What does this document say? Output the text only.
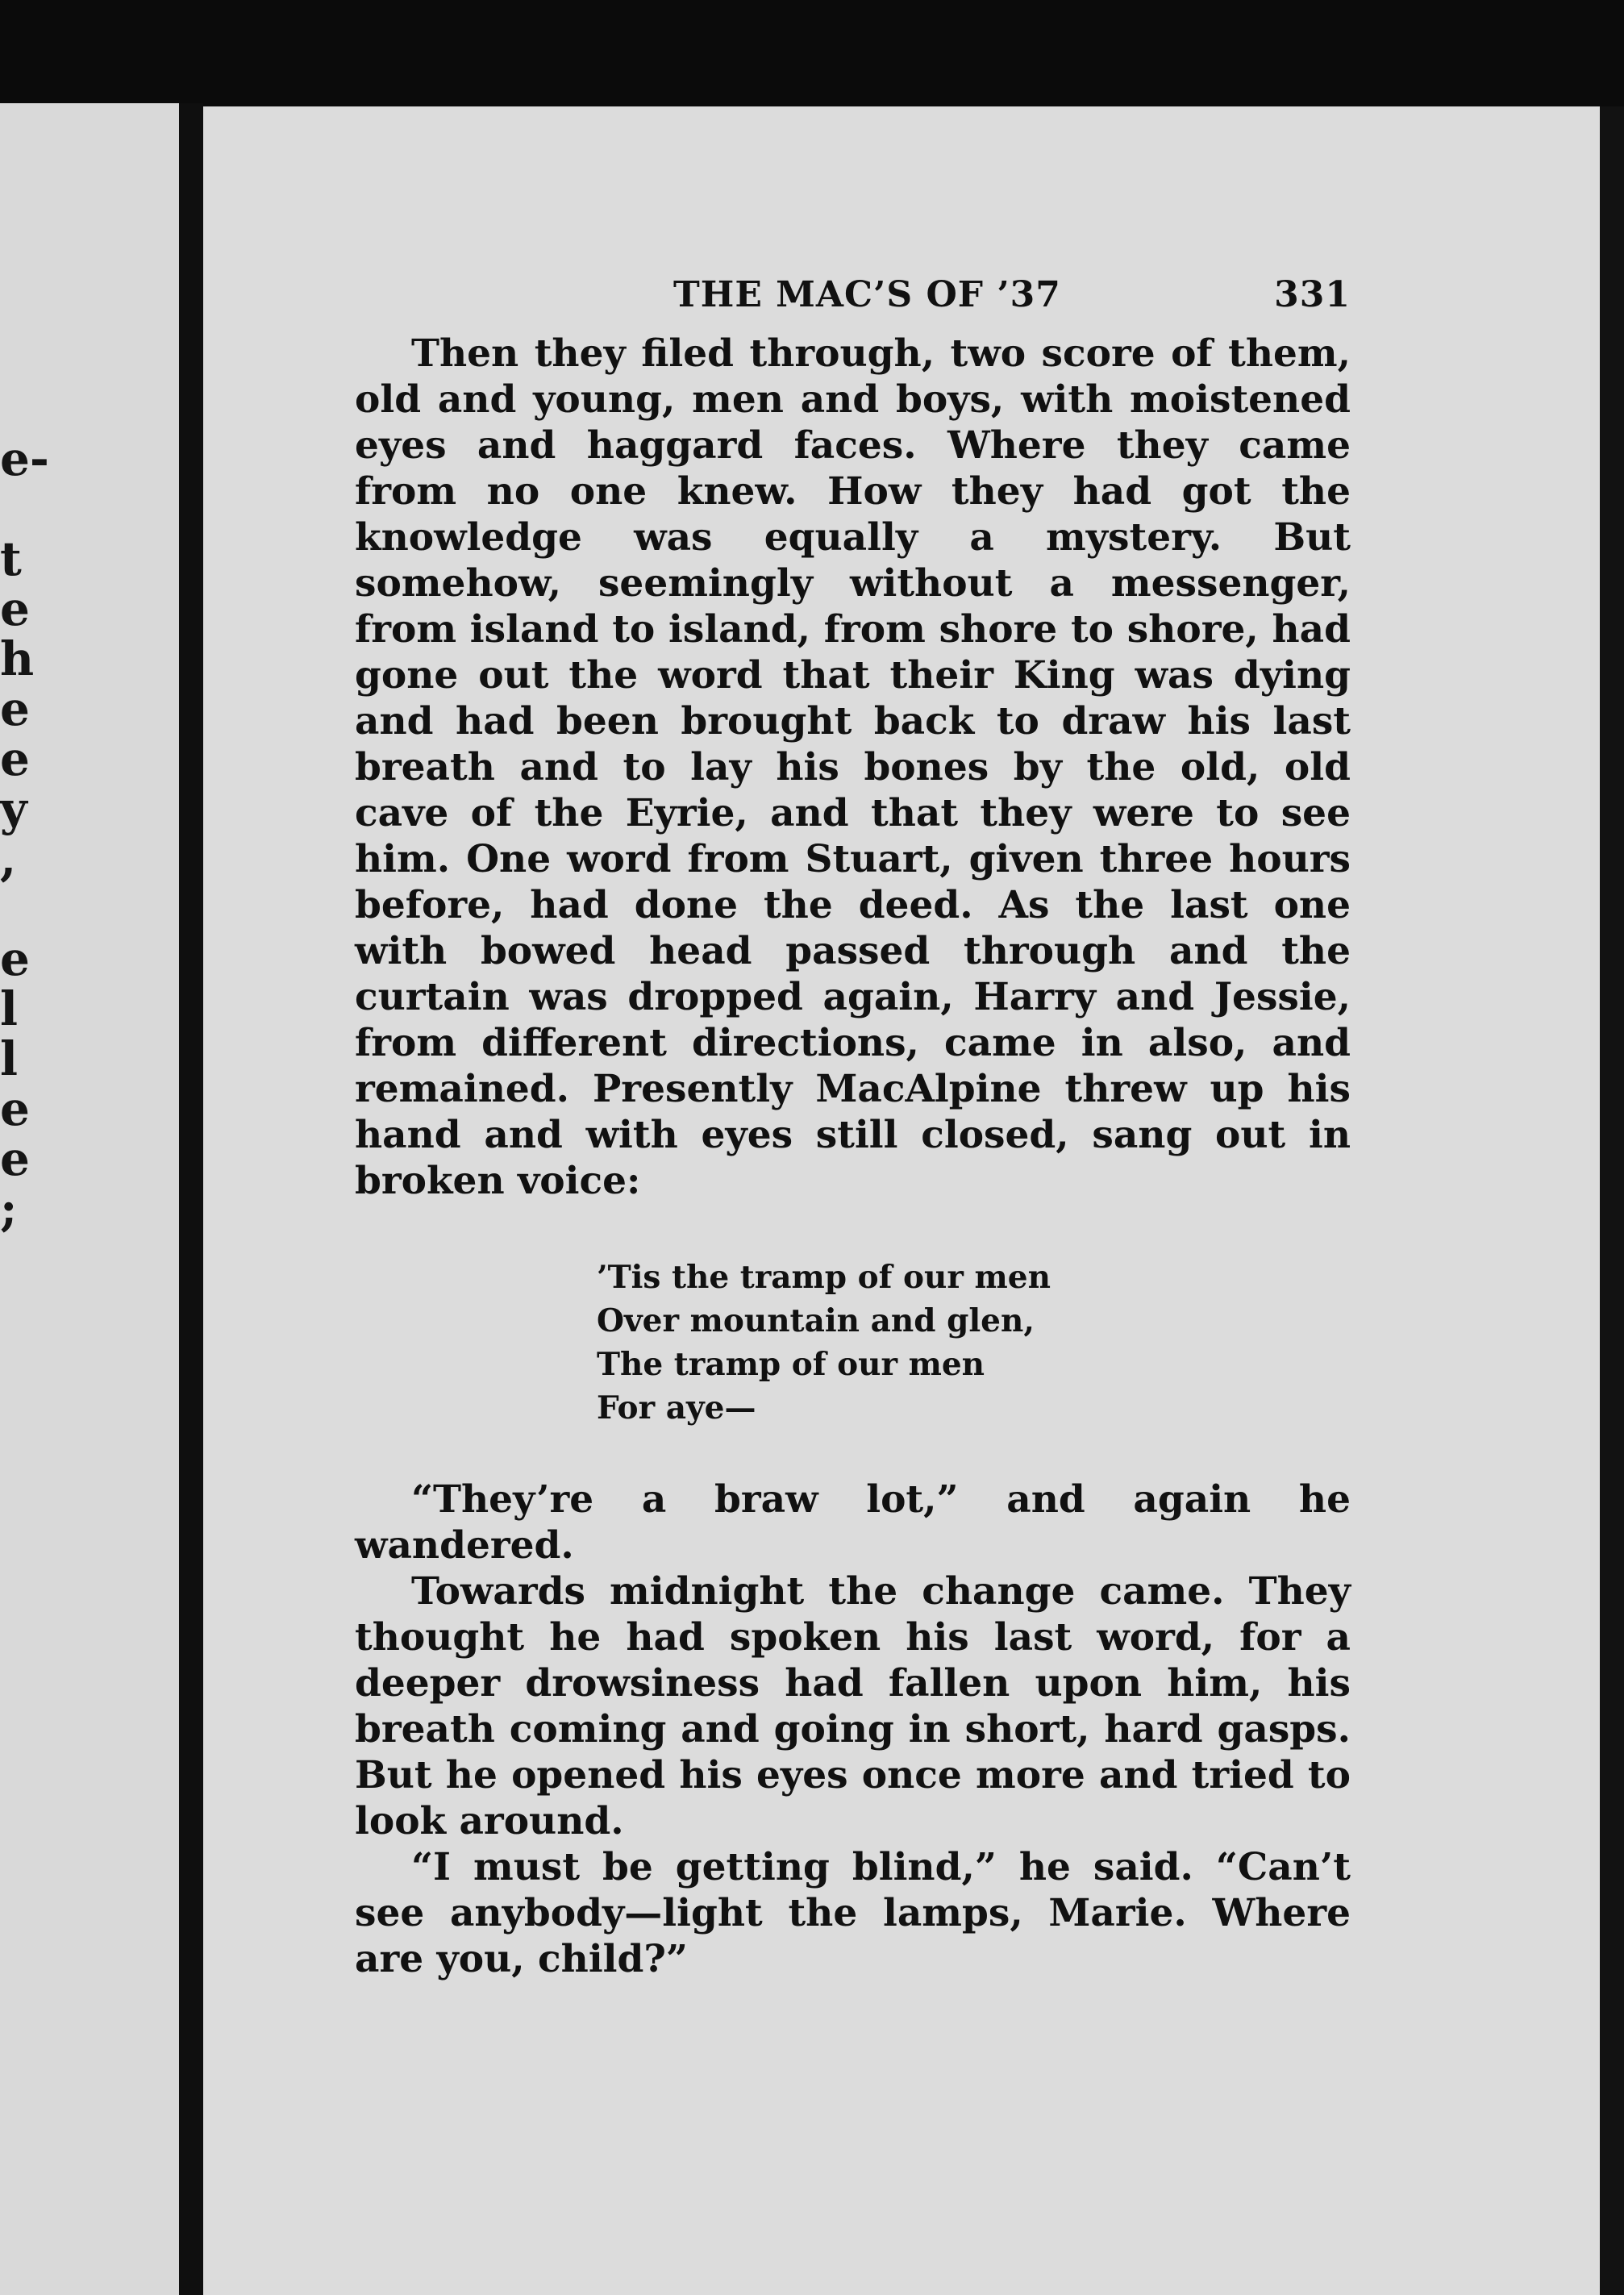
e-

t
e
h
e
e
y
,

e
l
l
e
e
;
THE MAC’S OF ’37	331

Then they filed through, two score of them, old and young, men and boys, with moistened eyes and haggard faces. Where they came from no one knew. How they had got the knowledge was equally a mystery. But somehow, seemingly without a messenger, from island to island, from shore to shore, had gone out the word that their King was dying and had been brought back to draw his last breath and to lay his bones by the old, old cave of the Eyrie, and that they were to see him. One word from Stuart, given three hours before, had done the deed. As the last one with bowed head passed through and the curtain was dropped again, Harry and Jessie, from different directions, came in also, and remained. Presently MacAlpine threw up his hand and with eyes still closed, sang out in broken voice:

’Tis the tramp of our men
Over mountain and glen,
The tramp of our men
For aye—

“They’re a braw lot,” and again he wandered.

Towards midnight the change came. They thought he had spoken his last word, for a deeper drowsiness had fallen upon him, his breath coming and going in short, hard gasps. But he opened his eyes once more and tried to look around.

“I must be getting blind,” he said. “Can’t see anybody—light the lamps, Marie. Where are you, child?”
